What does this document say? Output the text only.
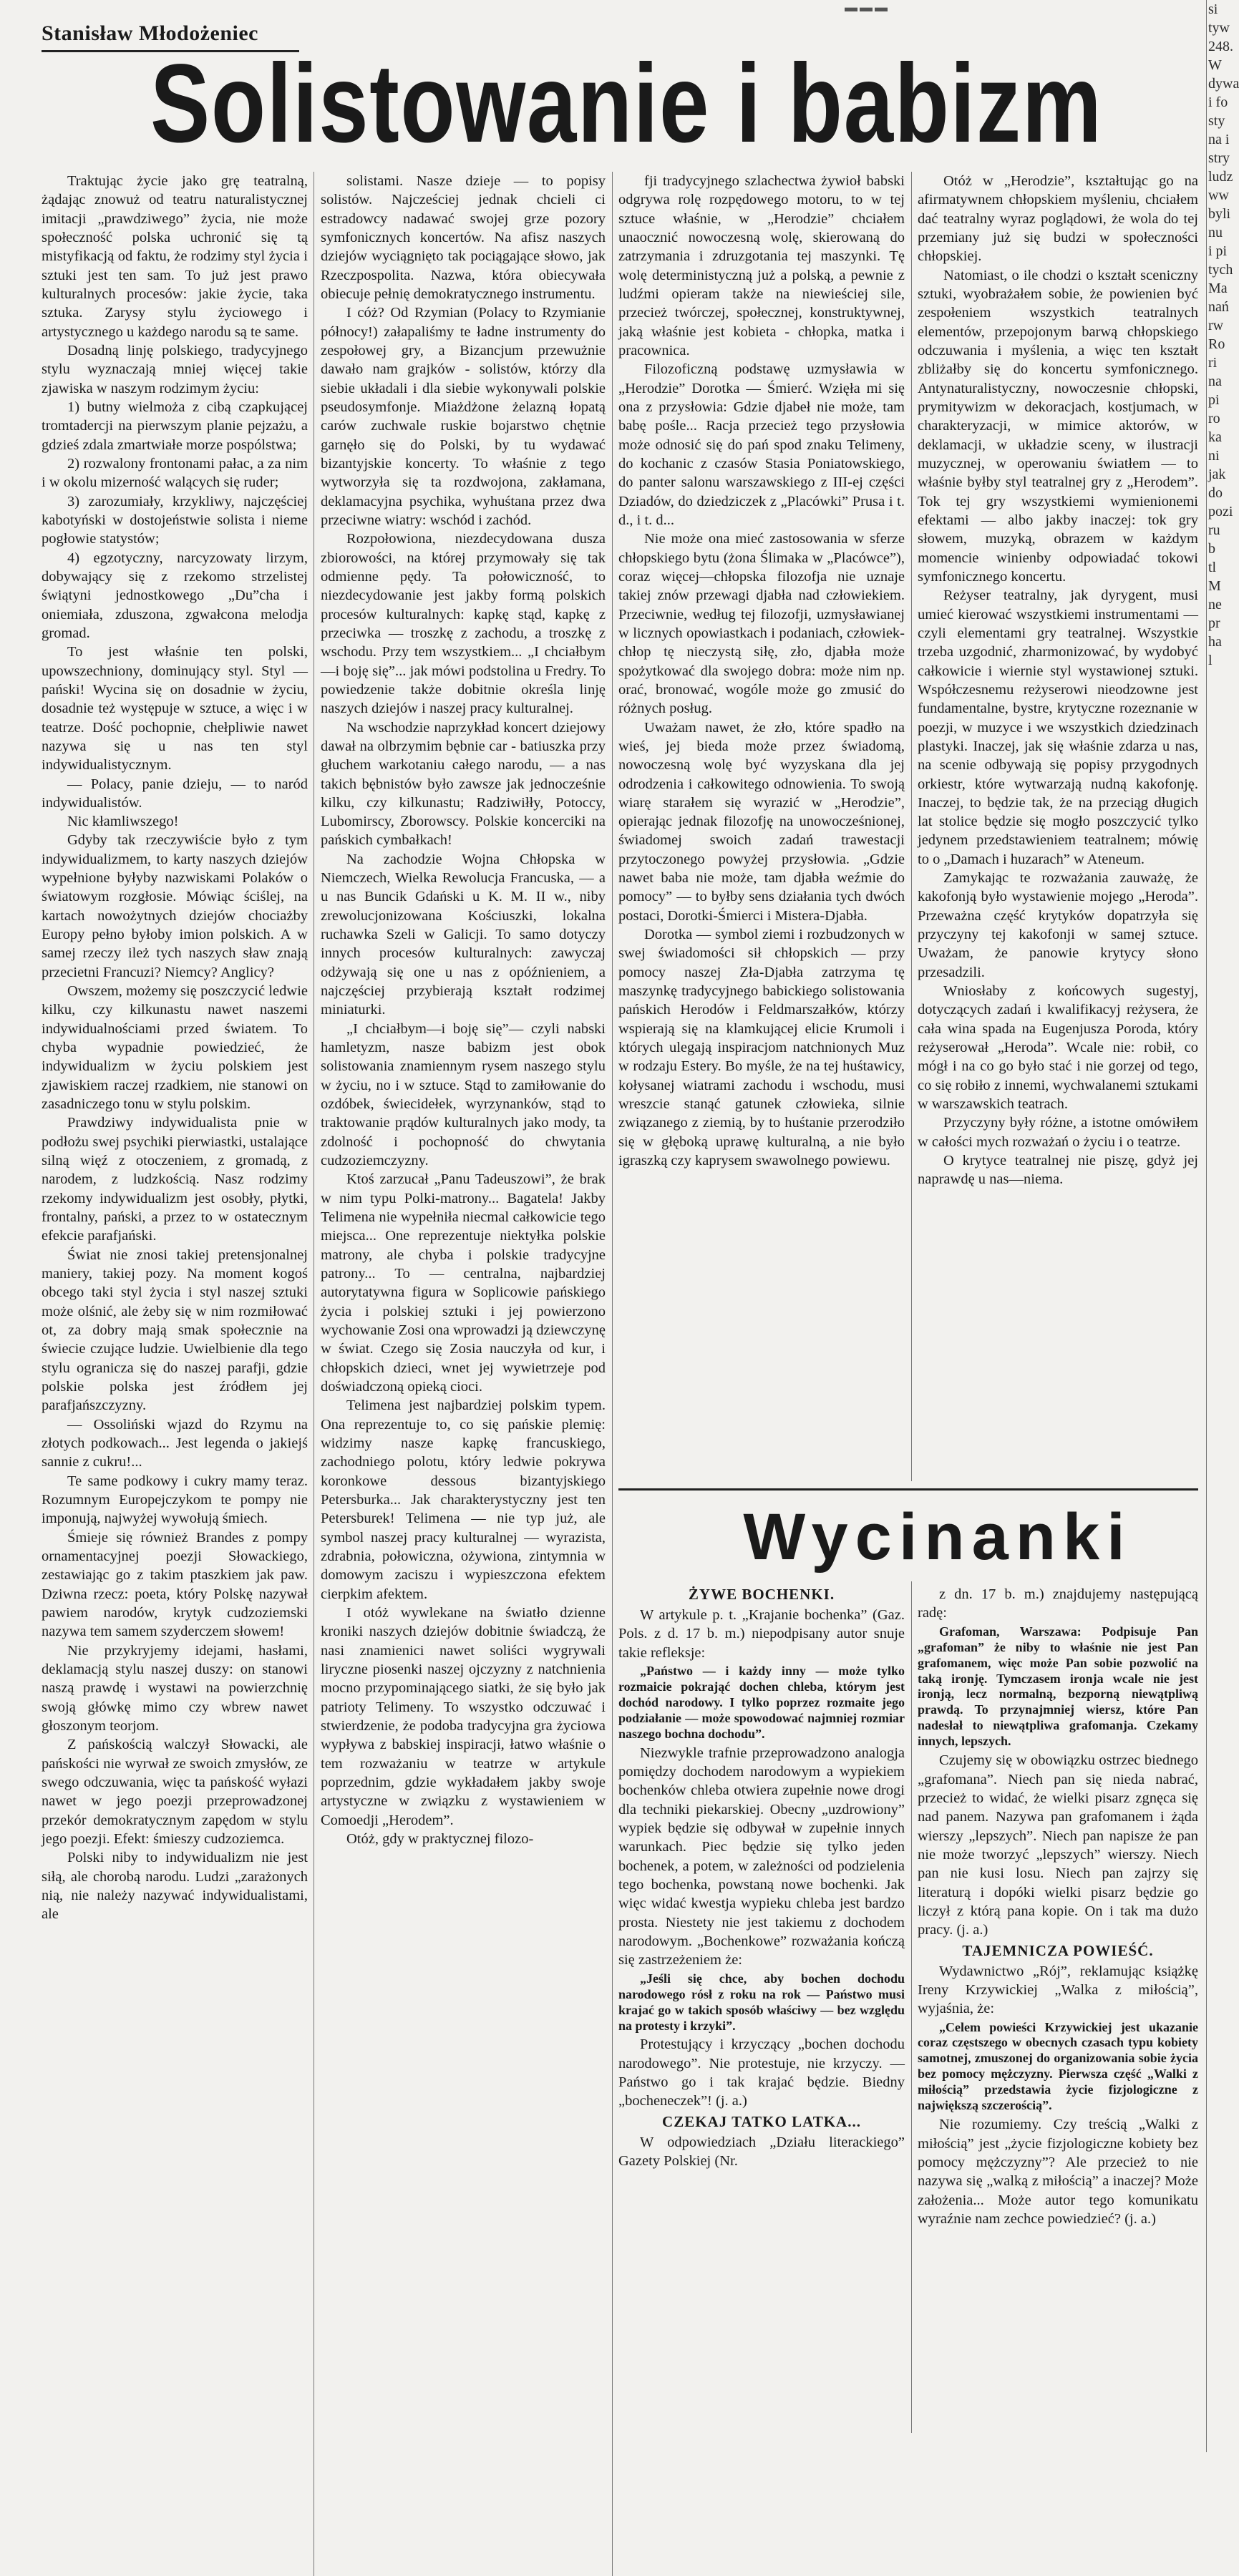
▬▬▬
Stanisław Młodożeniec
Solistowanie i babizm

Traktując życie jako grę teatralną, żądając znowuż od teatru naturalistycznej imitacji „prawdziwego” życia, nie może społeczność polska uchronić się tą mistyfikacją od faktu, że rodzimy styl życia i sztuki jest ten sam. To już jest prawo kulturalnych procesów: jakie życie, taka sztuka. Zarysy stylu życiowego i artystycznego u każdego narodu są te same.

Dosadną linję polskiego, tradycyjnego stylu wyznaczają mniej więcej takie zjawiska w naszym rodzimym życiu:

1) butny wielmoża z cibą czapkującej tromtadercji na pierwszym planie pejzażu, a gdzieś zdala zmartwiałe morze pospólstwa;

2) rozwalony frontonami pałac, a za nim i w okolu mizerność walących się ruder;

3) zarozumiały, krzykliwy, najczęściej kabotyński w dostojeństwie solista i nieme pogłowie statystów;

4) egzotyczny, narcyzowaty lirzym, dobywający się z rzekomo strzelistej świątyni jednostkowego „Du”cha i oniemiała, zduszona, zgwałcona melodja gromad.

To jest właśnie ten polski, upowszechniony, dominujący styl. Styl — pański! Wycina się on dosadnie w życiu, dosadnie też występuje w sztuce, a więc i w teatrze. Dość pochopnie, chełpliwie nawet nazywa się u nas ten styl indywidualistycznym.

— Polacy, panie dzieju, — to naród indywidualistów.

Nic kłamliwszego!

Gdyby tak rzeczywiście było z tym indywidualizmem, to karty naszych dziejów wypełnione byłyby nazwiskami Polaków o światowym rozgłosie. Mówiąc ściślej, na kartach nowożytnych dziejów chociażby Europy pełno byłoby imion polskich. A w samej rzeczy ileż tych naszych sław znają przecietni Francuzi? Niemcy? Anglicy?

Owszem, możemy się poszczycić ledwie kilku, czy kilkunastu nawet naszemi indywidualnościami przed światem. To chyba wypadnie powiedzieć, że indywidualizm w życiu polskiem jest zjawiskiem raczej rzadkiem, nie stanowi on zasadniczego tonu w stylu polskim.

Prawdziwy indywidualista pnie w podłożu swej psychiki pierwiastki, ustalające silną więź z otoczeniem, z gromadą, z narodem, z ludzkością. Nasz rodzimy rzekomy indywidualizm jest osobły, płytki, frontalny, pański, a przez to w ostatecznym efekcie parafjański.

Świat nie znosi takiej pretensjonalnej maniery, takiej pozy. Na moment kogoś obcego taki styl życia i styl naszej sztuki może olśnić, ale żeby się w nim rozmiłować ot, za dobry mają smak społecznie na świecie czujące ludzie. Uwielbienie dla tego stylu ogranicza się do naszej parafji, gdzie polskie polska jest źródłem jej parafjańszczyzny.

— Ossoliński wjazd do Rzymu na złotych podkowach... Jest legenda o jakiejś sannie z cukru!...

Te same podkowy i cukry mamy teraz. Rozumnym Europejczykom te pompy nie imponują, najwyżej wywołują śmiech.

Śmieje się również Brandes z pompy ornamentacyjnej poezji Słowackiego, zestawiając go z takim ptaszkiem jak paw. Dziwna rzecz: poeta, który Polskę nazywał pawiem narodów, krytyk cudzoziemski nazywa tem samem szyderczem słowem!

Nie przykryjemy idejami, hasłami, deklamacją stylu naszej duszy: on stanowi naszą prawdę i wystawi na powierzchnię swoją główkę mimo czy wbrew nawet głoszonym teorjom.

Z pańskością walczył Słowacki, ale pańskości nie wyrwał ze swoich zmysłów, ze swego odczuwania, więc ta pańskość wyłazi nawet w jego poezji przeprowadzonej przekór demokratycznym zapędom w stylu jego poezji. Efekt: śmieszy cudzoziemca.

Polski niby to indywidualizm nie jest siłą, ale chorobą narodu. Ludzi „zarażonych nią, nie należy nazywać indywidualistami, ale

solistami. Nasze dzieje — to popisy solistów. Najcześciej jednak chcieli ci estradowcy nadawać swojej grze pozory symfonicznych koncertów. Na afisz naszych dziejów wyciągnięto tak pociągające słowo, jak Rzeczpospolita. Nazwa, która obiecywała obiecuje pełnię demokratycznego instrumentu.

I cóż? Od Rzymian (Polacy to Rzymianie północy!) załapaliśmy te ładne instrumenty do zespołowej gry, a Bizancjum przewużnie dawało nam grajków - solistów, którzy dla siebie układali i dla siebie wykonywali polskie pseudosymfonje. Miażdżone żelazną łopatą carów zuchwale ruskie bojarstwo chętnie garnęło się do Polski, by tu wydawać bizantyjskie koncerty. To właśnie z tego wytworzyła się ta rozdwojona, zakłamana, deklamacyjna psychika, wyhuśtana przez dwa przeciwne wiatry: wschód i zachód.

Rozpołowiona, niezdecydowana dusza zbiorowości, na której przymowały się tak odmienne pędy. Ta połowiczność, to niezdecydowanie jest jakby formą polskich procesów kulturalnych: kapkę stąd, kapkę z przeciwka — troszkę z zachodu, a troszkę z wschodu. Przy tem wszystkiem... „I chciałbym—i boję się”... jak mówi podstolina u Fredry. To powiedzenie także dobitnie określa linję naszych dziejów i naszej pracy kulturalnej.

Na wschodzie naprzykład koncert dziejowy dawał na olbrzymim bębnie car - batiuszka przy głuchem warkotaniu całego narodu, — a nas takich bębnistów było zawsze jak jednocześnie kilku, czy kilkunastu; Radziwiłły, Potoccy, Lubomirscy, Zborowscy. Polskie koncerciki na pańskich cymbałkach!

Na zachodzie Wojna Chłopska w Niemczech, Wielka Rewolucja Francuska, — a u nas Buncik Gdański u K. M. II w., niby zrewolucjonizowana Kościuszki, lokalna ruchawka Szeli w Galicji. To samo dotyczy innych procesów kulturalnych: zawyczaj odżywają się one u nas z opóźnieniem, a najczęściej przybierają kształt rodzimej miniaturki.

„I chciałbym—i boję się”— czyli nabski hamletyzm, nasze babizm jest obok solistowania znamiennym rysem naszego stylu w życiu, no i w sztuce. Stąd to zamiłowanie do ozdóbek, świecidełek, wyrzynanków, stąd to traktowanie prądów kulturalnych jako mody, ta zdolność i pochopność do chwytania cudzoziemczyzny.

Ktoś zarzucał „Panu Tadeuszowi”, że brak w nim typu Polki-matrony... Bagatela! Jakby Telimena nie wypełniła niecmal całkowicie tego miejsca... One reprezentuje niektyłka polskie matrony, ale chyba i polskie tradycyjne patrony... To — centralna, najbardziej autorytatywna figura w Soplicowie pańskiego życia i polskiej sztuki i jej powierzono wychowanie Zosi ona wprowadzi ją dziewczynę w świat. Czego się Zosia nauczyła od kur, i chłopskich dzieci, wnet jej wywietrzeje pod doświadczoną opieką cioci.

Telimena jest najbardziej polskim typem. Ona reprezentuje to, co się pańskie plemię: widzimy nasze kapkę francuskiego, zachodniego polotu, który ledwie pokrywa koronkowe dessous bizantyjskiego Petersburka... Jak charakterystyczny jest ten Petersburek! Telimena — nie typ już, ale symbol naszej pracy kulturalnej — wyrazista, zdrabnia, połowiczna, ożywiona, zintymnia w domowym zaciszu i wypieszczona efektem cierpkim afektem.

I otóż wywlekane na światło dzienne kroniki naszych dziejów dobitnie świadczą, że nasi znamienici nawet soliści wygrywali liryczne piosenki naszej ojczyzny z natchnienia mocno przypominającego siatki, że się było jak patrioty Telimeny. To wszystko odczuwać i stwierdzenie, że podoba tradycyjna gra życiowa wypływa z babskiej inspiracji, łatwo właśnie o tem rozważaniu w teatrze w artykule poprzednim, gdzie wykładałem jakby swoje artystyczne w związku z wystawieniem w Comoedji „Herodem”.

Otóż, gdy w praktycznej filozo-

fji tradycyjnego szlachectwa żywioł babski odgrywa rolę rozpędowego motoru, to w tej sztuce właśnie, w „Herodzie” chciałem unaocznić nowoczesną wolę, skierowaną do zatrzymania i zdruzgotania tej maszynki. Tę wolę deterministyczną już a polską, a pewnie z ludźmi opieram także na niewieściej sile, przecież twórczej, społecznej, konstruktywnej, jaką właśnie jest kobieta - chłopka, matka i pracownica.

Filozoficzną podstawę uzmysławia w „Herodzie” Dorotka — Śmierć. Wzięła mi się ona z przysłowia: Gdzie djabeł nie może, tam babę pośle... Racja przecież tego przysłowia może odnosić się do pań spod znaku Telimeny, do kochanic z czasów Stasia Poniatowskiego, do panter salonu warszawskiego z III-ej części Dziadów, do dziedziczek z „Placówki” Prusa i t. d., i t. d...

Nie może ona mieć zastosowania w sferze chłopskiego bytu (żona Ślimaka w „Placówce”), coraz więcej—chłopska filozofja nie uznaje takiej znów przewagi djabła nad człowiekiem. Przeciwnie, według tej filozofji, uzmysławianej w licznych opowiastkach i podaniach, człowiek-chłop tę nieczystą siłę, zło, djabła może spożytkować dla swojego dobra: może nim np. orać, bronować, wogóle może go zmusić do różnych posług.

Uważam nawet, że zło, które spadło na wieś, jej bieda może przez świadomą, nowoczesną wolę być wyzyskana dla jej odrodzenia i całkowitego odnowienia. To swoją wiarę starałem się wyrazić w „Herodzie”, opierając jednak filozofję na unowocześnionej, świadomej swoich zadań trawestacji przytoczonego powyżej przysłowia. „Gdzie nawet baba nie może, tam djabła weźmie do pomocy” — to byłby sens działania tych dwóch postaci, Dorotki-Śmierci i Mistera-Djabła.

Dorotka — symbol ziemi i rozbudzonych w swej świadomości sił chłopskich — przy pomocy naszej Zła-Djabła zatrzyma tę maszynkę tradycyjnego babickiego solistowania pańskich Herodów i Feldmarszałków, którzy wspierają się na klamkującej elicie Krumoli i których ulegają inspiracjom natchnionych Muz w rodzaju Estery. Bo myśle, że na tej huśtawicy, kołysanej wiatrami zachodu i wschodu, musi wreszcie stanąć gatunek człowieka, silnie związanego z ziemią, by to huśtanie przerodziło się w głęboką uprawę kulturalną, a nie było igraszką czy kaprysem swawolnego powiewu.

Otóż w „Herodzie”, kształtując go na afirmatywnem chłopskiem myśleniu, chciałem dać teatralny wyraz poglądowi, że wola do tej przemiany już się budzi w społeczności chłopskiej.

Natomiast, o ile chodzi o kształt sceniczny sztuki, wyobrażałem sobie, że powienien być zespołeniem wszystkich teatralnych elementów, przepojonym barwą chłopskiego odczuwania i myślenia, a więc ten kształt zbliżałby się do koncertu symfonicznego. Antynaturalistyczny, nowoczesnie chłopski, prymitywizm w dekoracjach, kostjumach, w charakteryzacji, w mimice aktorów, w deklamacji, w układzie sceny, w ilustracji muzycznej, w operowaniu światłem — to właśnie byłby styl teatralnej gry z „Herodem”. Tok tej gry wszystkiemi wymienionemi efektami — albo jakby inaczej: tok gry słowem, muzyką, obrazem w każdym momencie winienby odpowiadać tokowi symfonicznego koncertu.

Reżyser teatralny, jak dyrygent, musi umieć kierować wszystkiemi instrumentami — czyli elementami gry teatralnej. Wszystkie trzeba uzgodnić, zharmonizować, by wydobyć całkowicie i wiernie styl wystawionej sztuki. Współczesnemu reżyserowi nieodzowne jest fundamentalne, bystre, krytyczne rozeznanie w poezji, w muzyce i we wszystkich dziedzinach plastyki. Inaczej, jak się właśnie zdarza u nas, na scenie odbywają się popisy przygodnych orkiestr, które wytwarzają nudną kakofonję. Inaczej, to będzie tak, że na przeciąg długich lat stolice będzie się mogło poszczycić tylko jedynem przedstawieniem teatralnem; mówię to o „Damach i huzarach” w Ateneum.

Zamykając te rozważania zauważę, że kakofonją było wystawienie mojego „Heroda”. Przeważna część krytyków dopatrzyła się przyczyny tej kakofonji w samej sztuce. Uważam, że panowie krytycy słono przesadzili.

Wniosłaby z końcowych sugestyj, dotyczących zadań i kwalifikacyj reżysera, że cała wina spada na Eugenjusza Poroda, który reżyserował „Heroda”. Wcale nie: robił, co mógł i na co go było stać i nie gorzej od tego, co się robiło z innemi, wychwalanemi sztukami w warszawskich teatrach.

Przyczyny były różne, a istotne omówiłem w całości mych rozważań o życiu i o teatrze.

O krytyce teatralnej nie piszę, gdyż jej naprawdę u nas—niema.

Wycinanki

ŻYWE BOCHENKI.

W artykule p. t. „Krajanie bochenka” (Gaz. Pols. z d. 17 b. m.) niepodpisany autor snuje takie refleksje:

„Państwo — i każdy inny — może tylko rozmaicie pokrająć dochen chleba, którym jest dochód narodowy. I tylko poprzez rozmaite jego podziałanie — może spowodować najmniej rozmiar naszego bochna dochodu”.

Niezwykle trafnie przeprowadzono analogja pomiędzy dochodem narodowym a wypiekiem bochenków chleba otwiera zupełnie nowe drogi dla techniki piekarskiej. Obecny „uzdrowiony” wypiek będzie się odbywał w zupełnie innych warunkach. Piec będzie się tylko jeden bochenek, a potem, w zależności od podzielenia tego bochenka, powstaną nowe bochenki. Jak więc widać kwestja wypieku chleba jest bardzo prosta. Niestety nie jest takiemu z dochodem narodowym. „Bochenkowe” rozważania kończą się zastrzeżeniem że:

„Jeśli się chce, aby bochen dochodu narodowego rósł z roku na rok — Państwo musi krajać go w takich sposób właściwy — bez względu na protesty i krzyki”.

Protestujący i krzyczący „bochen dochodu narodowego”. Nie protestuje, nie krzyczy. — Państwo go i tak krajać będzie. Biedny „bocheneczek”! (j. a.)

CZEKAJ TATKO LATKA...

W odpowiedziach „Działu literackiego” Gazety Polskiej (Nr.

z dn. 17 b. m.) znajdujemy następującą radę:

Grafoman, Warszawa: Podpisuje Pan „grafoman” że niby to właśnie nie jest Pan grafomanem, więc może Pan sobie pozwolić na taką ironję. Tymczasem ironja wcale nie jest ironją, lecz normalną, bezporną niewątpliwą prawdą. To przynajmniej wiersz, które Pan nadesłał to niewątpliwa grafomanja. Czekamy innych, lepszych.

Czujemy się w obowiązku ostrzec biednego „grafomana”. Niech pan się nieda nabrać, przecież to widać, że wielki pisarz zgnęca się nad panem. Nazywa pan grafomanem i żąda wierszy „lepszych”. Niech pan napisze że pan nie może tworzyć „lepszych” wierszy. Niech pan nie kusi losu. Niech pan zajrzy się literaturą i dopóki wielki pisarz będzie go liczył z którą pana kopie. On i tak ma dużo pracy. (j. a.)

TAJEMNICZA POWIEŚĆ.

Wydawnictwo „Rój”, reklamując książkę Ireny Krzywickiej „Walka z miłością”, wyjaśnia, że:

„Celem powieści Krzywickiej jest ukazanie coraz częstszego w obecnych czasach typu kobiety samotnej, zmuszonej do organizowania sobie życia bez pomocy mężczyzny. Pierwsza część „Walki z miłością” przedstawia życie fizjologiczne z największą szczerością”.

Nie rozumiemy. Czy treścią „Walki z miłością” jest „życie fizjologiczne kobiety bez pomocy mężczyzny”? Ale przecież to nie nazywa się „walką z miłością” a inaczej? Może założenia... Może autor tego komunikatu wyraźnie nam zechce powiedzieć? (j. a.)

si
tyw
248.
W
dywa
i fo
sty
na i
stry
ludz
ww
byli
nu
i pi
tych
Ma
nań
rw
Ro
ri
na
pi
ro
ka
ni
jak
do
pozi
ru
b
tl
M
ne
pr
ha
l
